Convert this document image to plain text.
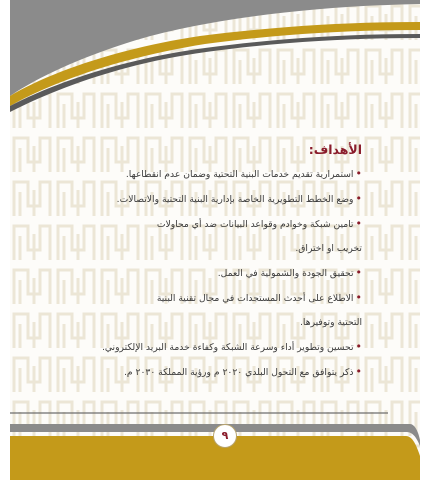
الأهداف:
•استمرارية تقديم خدمات البنية التحتية وضمان عدم انقطاعها.
•وضع الخطط التطويرية الخاصة بإدارية البنية التحتية والاتصالات.
•تامين شبكة وخوادم وقواعد البيانات ضد أي محاولات
تخريب او اختراق.
•تحقيق الجودة والشمولية في العمل.
•الاطلاع على أحدث المستجدات في مجال تقنية البنية
التحتية وتوفيرها.
•تحسين وتطوير أداء وسرعة الشبكة وكفاءة خدمة البريد الإلكتروني.
•ذكر يتوافق مع التحول البلدي ٢٠٢٠ م ورؤية المملكة ٢٠٣٠ م.
٩
